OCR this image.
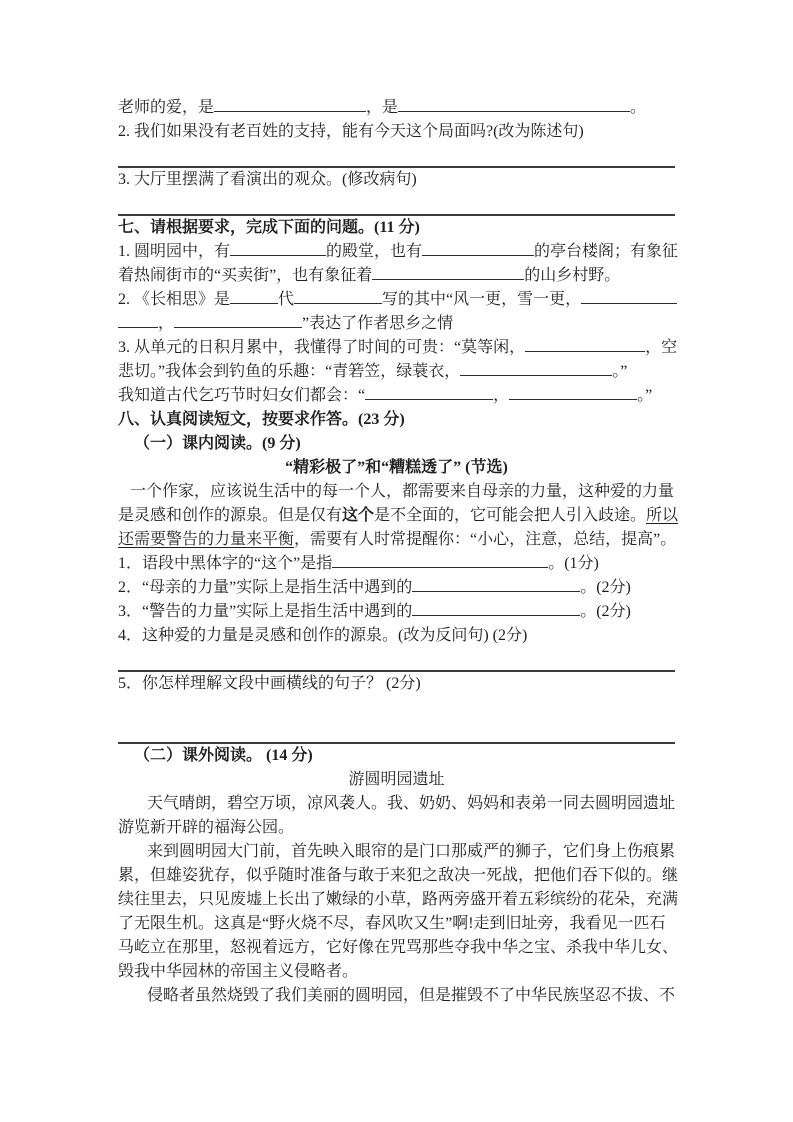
老师的爱，是	，是	。
2. 我们如果没有老百姓的支持，能有今天这个局面吗?(改为陈述句)
3. 大厅里摆满了看演出的观众。(修改病句)
七、请根据要求，完成下面的问题。(11 分)
1. 圆明园中，有	的殿堂，也有	的亭台楼阁；有象征
着热闹街市的“买卖街”，也有象征着	的山乡村野。
2. 《长相思》是	代	写的其中“风一更，雪一更，
，	”表达了作者思乡之情
3. 从单元的日积月累中，我懂得了时间的可贵：“莫等闲，	，空
悲切。”我体会到钓鱼的乐趣：“青箬笠，绿蓑衣，	。”
我知道古代乞巧节时妇女们都会：“	，	。”
八、认真阅读短文，按要求作答。(23 分)
（一）课内阅读。(9 分)
“精彩极了”和“糟糕透了” (节选)
一个作家，应该说生活中的每一个人，都需要来自母亲的力量，这种爱的力量
是灵感和创作的源泉。但是仅有这个是不全面的，它可能会把人引入歧途。所以
还需要警告的力量来平衡，需要有人时常提醒你：“小心，注意，总结，提高”。
1．语段中黑体字的“这个”是指	。(1分)
2．“母亲的力量”实际上是指生活中遇到的	。(2分)
3．“警告的力量”实际上是指生活中遇到的	。(2分)
4．这种爱的力量是灵感和创作的源泉。(改为反问句) (2分)
5．你怎样理解文段中画横线的句子？ (2分)

（二）课外阅读。 (14 分)
游圆明园遗址
天气晴朗，碧空万顷，凉风袭人。我、奶奶、妈妈和表弟一同去圆明园遗址
游览新开辟的福海公园。
来到圆明园大门前，首先映入眼帘的是门口那威严的狮子，它们身上伤痕累
累，但雄姿犹存，似乎随时准备与敢于来犯之敌决一死战，把他们吞下似的。继
续往里去，只见废墟上长出了嫩绿的小草，路两旁盛开着五彩缤纷的花朵，充满
了无限生机。这真是“野火烧不尽，春风吹又生”啊!走到旧址旁，我看见一匹石
马屹立在那里，怒视着远方，它好像在咒骂那些夺我中华之宝、杀我中华儿女、
毁我中华园林的帝国主义侵略者。
侵略者虽然烧毁了我们美丽的圆明园，但是摧毁不了中华民族坚忍不拔、不
